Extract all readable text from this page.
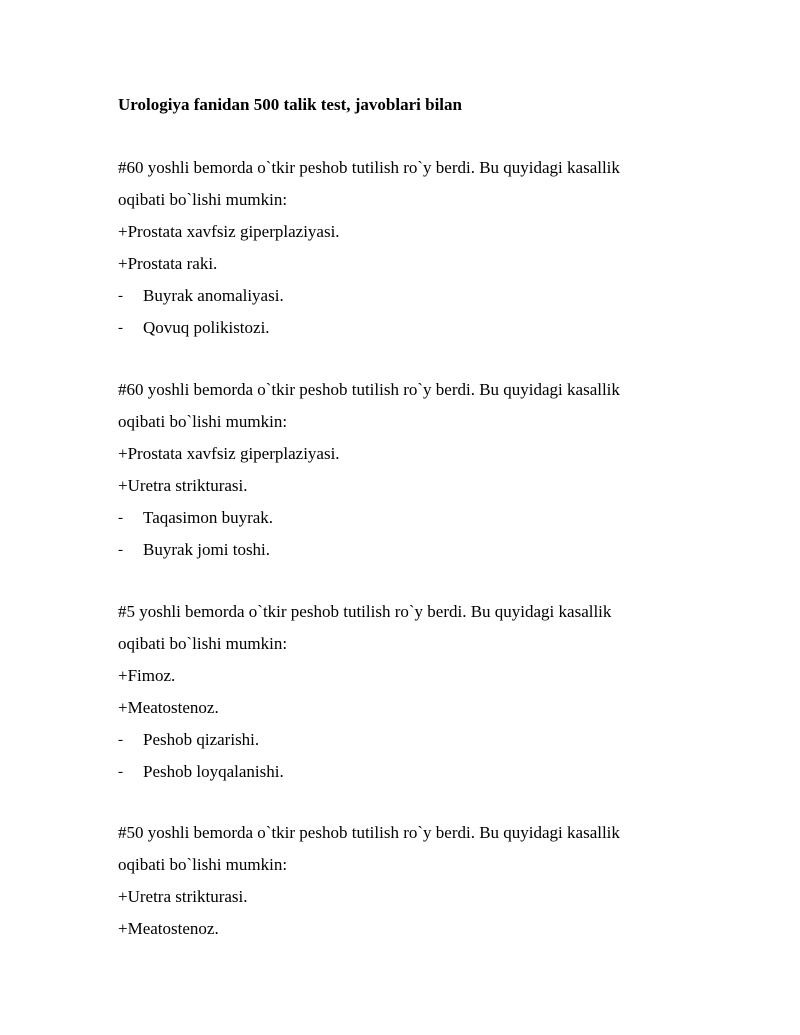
Urologiya fanidan 500 talik test, javoblari bilan
#60 yoshli bemorda o`tkir peshob tutilish ro`y berdi. Bu quyidagi kasallik
oqibati bo`lishi mumkin:
+Prostata xavfsiz giperplaziyasi.
+Prostata raki.
- Buyrak anomaliyasi.
- Qovuq polikistozi.
#60 yoshli bemorda o`tkir peshob tutilish ro`y berdi. Bu quyidagi kasallik
oqibati bo`lishi mumkin:
+Prostata xavfsiz giperplaziyasi.
+Uretra strikturasi.
- Taqasimon buyrak.
- Buyrak jomi toshi.
#5 yoshli bemorda o`tkir peshob tutilish ro`y berdi. Bu quyidagi kasallik
oqibati bo`lishi mumkin:
+Fimoz.
+Meatostenoz.
- Peshob qizarishi.
- Peshob loyqalanishi.
#50 yoshli bemorda o`tkir peshob tutilish ro`y berdi. Bu quyidagi kasallik
oqibati bo`lishi mumkin:
+Uretra strikturasi.
+Meatostenoz.
